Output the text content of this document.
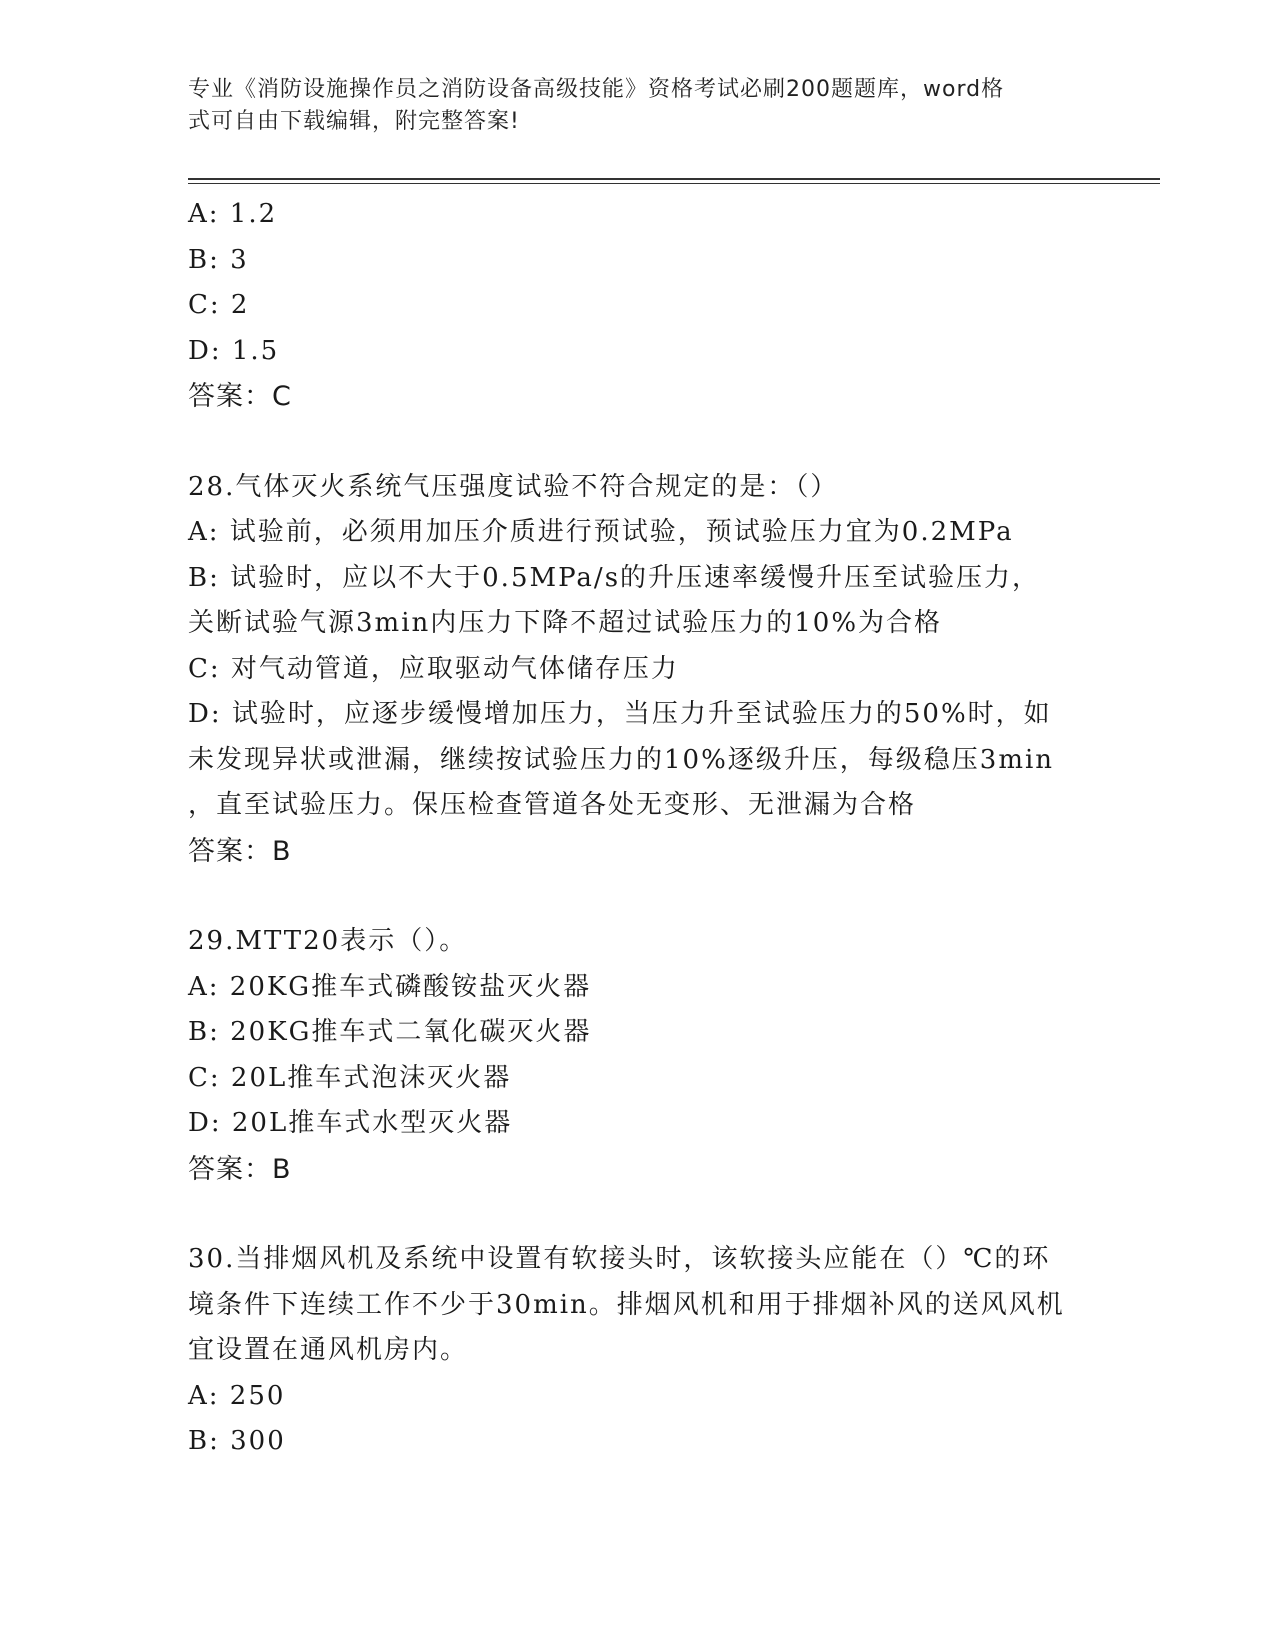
专业《消防设施操作员之消防设备高级技能》资格考试必刷200题题库，word格
式可自由下载编辑，附完整答案!
A: 1.2
B: 3
C: 2
D: 1.5
答案：C
28.气体灭火系统气压强度试验不符合规定的是：（）
A: 试验前，必须用加压介质进行预试验，预试验压力宜为0.2MPa
B: 试验时，应以不大于0.5MPa/s的升压速率缓慢升压至试验压力，
关断试验气源3min内压力下降不超过试验压力的10%为合格
C: 对气动管道，应取驱动气体储存压力
D: 试验时，应逐步缓慢增加压力，当压力升至试验压力的50%时，如
未发现异状或泄漏，继续按试验压力的10%逐级升压，每级稳压3min
，直至试验压力。保压检查管道各处无变形、无泄漏为合格
答案：B
29.MTT20表示（）。
A: 20KG推车式磷酸铵盐灭火器
B: 20KG推车式二氧化碳灭火器
C: 20L推车式泡沫灭火器
D: 20L推车式水型灭火器
答案：B
30.当排烟风机及系统中设置有软接头时，该软接头应能在（）℃的环
境条件下连续工作不少于30min。排烟风机和用于排烟补风的送风风机
宜设置在通风机房内。
A: 250
B: 300
